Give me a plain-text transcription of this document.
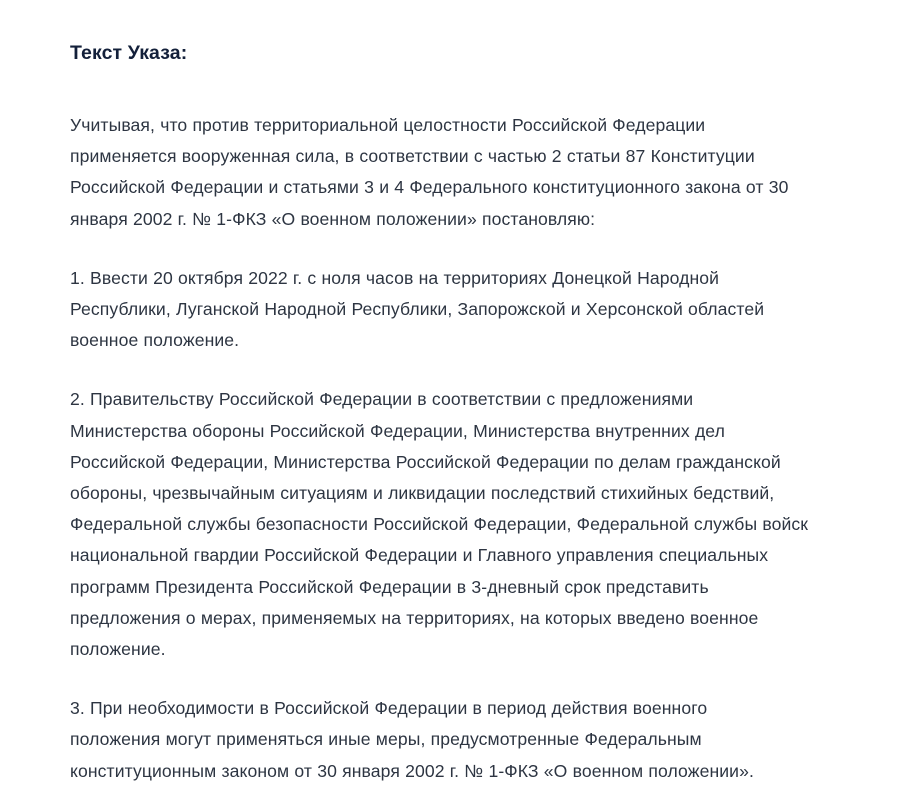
Текст Указа:

Учитывая, что против территориальной целостности Российской Федерации применяется вооруженная сила, в соответствии с частью 2 статьи 87 Конституции Российской Федерации и статьями 3 и 4 Федерального конституционного закона от 30 января 2002 г. № 1-ФКЗ «О военном положении» постановляю:

1. Ввести 20 октября 2022 г. с ноля часов на территориях Донецкой Народной Республики, Луганской Народной Республики, Запорожской и Херсонской областей военное положение.

2. Правительству Российской Федерации в соответствии с предложениями Министерства обороны Российской Федерации, Министерства внутренних дел Российской Федерации, Министерства Российской Федерации по делам гражданской обороны, чрезвычайным ситуациям и ликвидации последствий стихийных бедствий, Федеральной службы безопасности Российской Федерации, Федеральной службы войск национальной гвардии Российской Федерации и Главного управления специальных программ Президента Российской Федерации в 3-дневный срок представить предложения о мерах, применяемых на территориях, на которых введено военное положение.

3. При необходимости в Российской Федерации в период действия военного положения могут применяться иные меры, предусмотренные Федеральным конституционным законом от 30 января 2002 г. № 1-ФКЗ «О военном положении».
